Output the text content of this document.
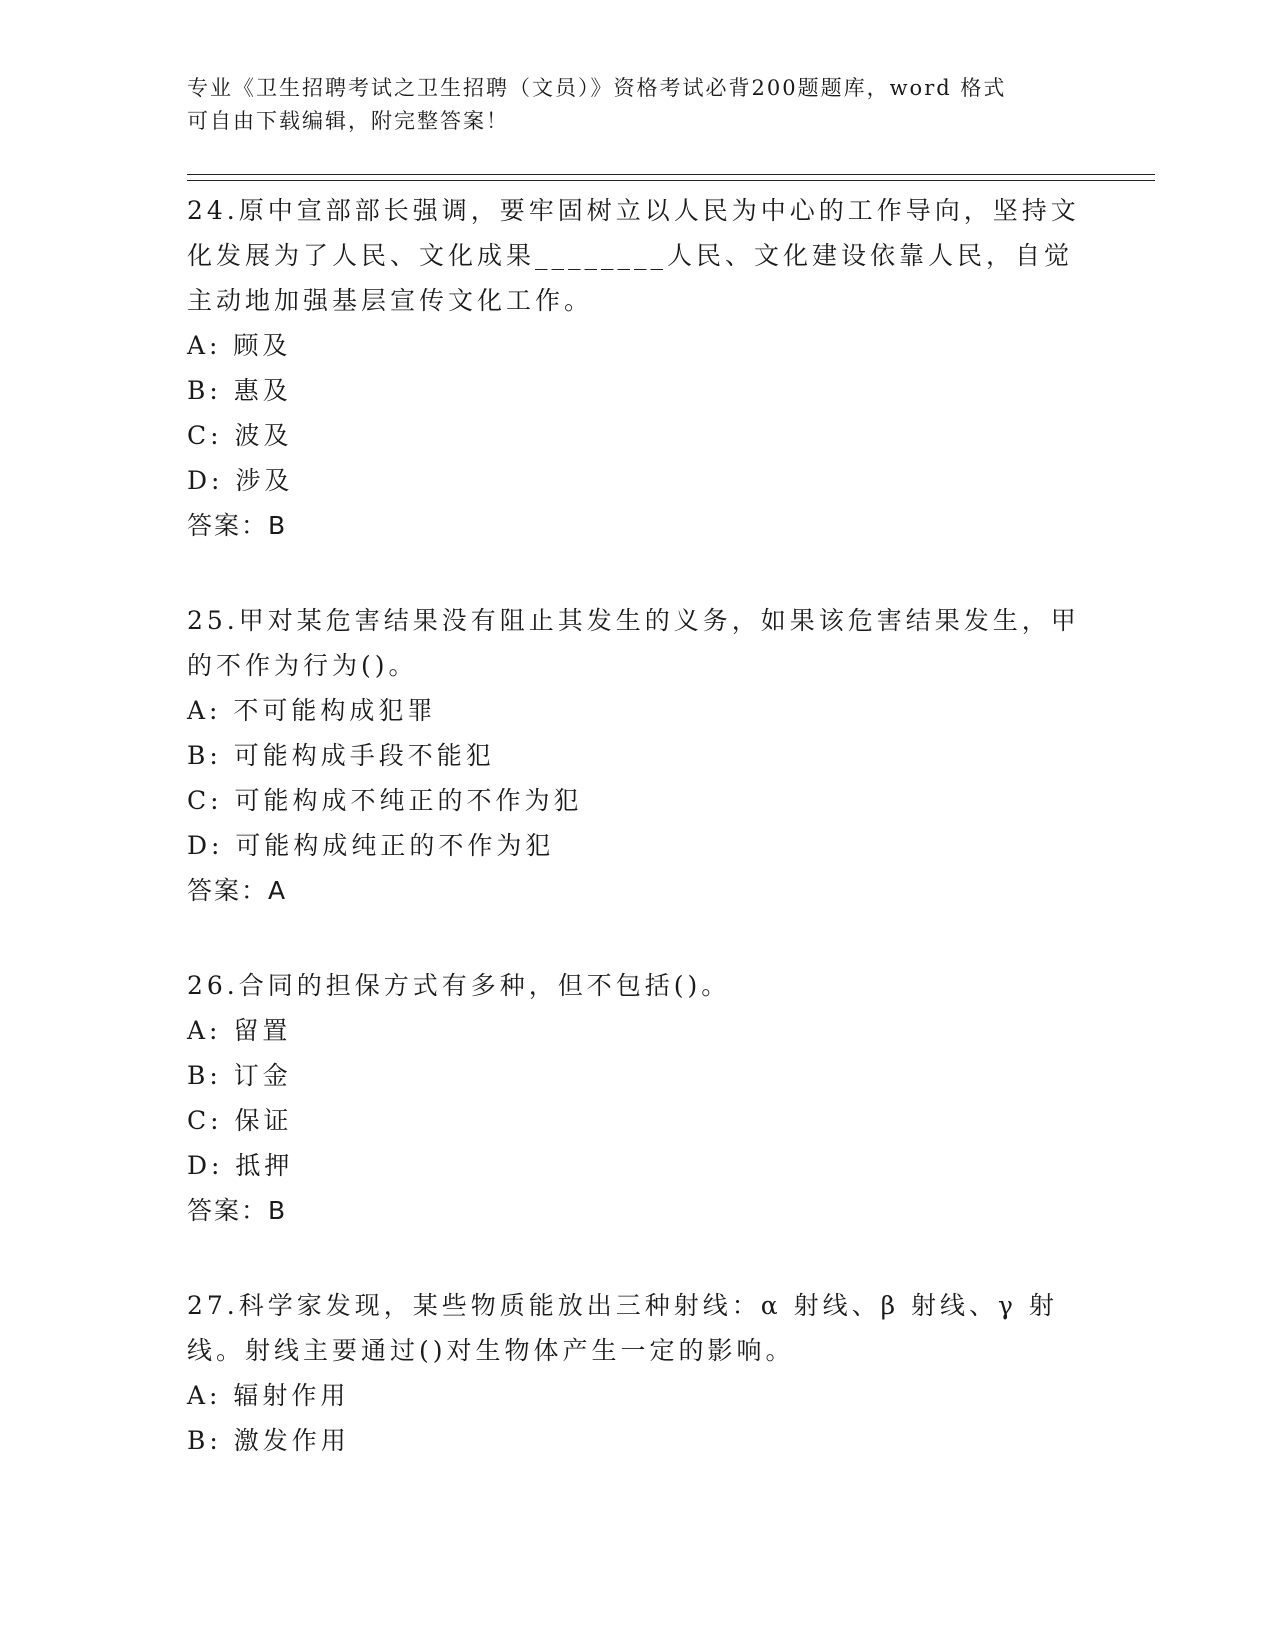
专业《卫生招聘考试之卫生招聘（文员）》资格考试必背200题题库，word 格式
可自由下载编辑，附完整答案！
24.原中宣部部长强调，要牢固树立以人民为中心的工作导向，坚持文
化发展为了人民、文化成果________人民、文化建设依靠人民，自觉
主动地加强基层宣传文化工作。
A: 顾及
B: 惠及
C: 波及
D: 涉及
答案：B
25.甲对某危害结果没有阻止其发生的义务，如果该危害结果发生，甲
的不作为行为()。
A: 不可能构成犯罪
B: 可能构成手段不能犯
C: 可能构成不纯正的不作为犯
D: 可能构成纯正的不作为犯
答案：A
26.合同的担保方式有多种，但不包括()。
A: 留置
B: 订金
C: 保证
D: 抵押
答案：B
27.科学家发现，某些物质能放出三种射线：α 射线、β 射线、γ 射
线。射线主要通过()对生物体产生一定的影响。
A: 辐射作用
B: 激发作用
